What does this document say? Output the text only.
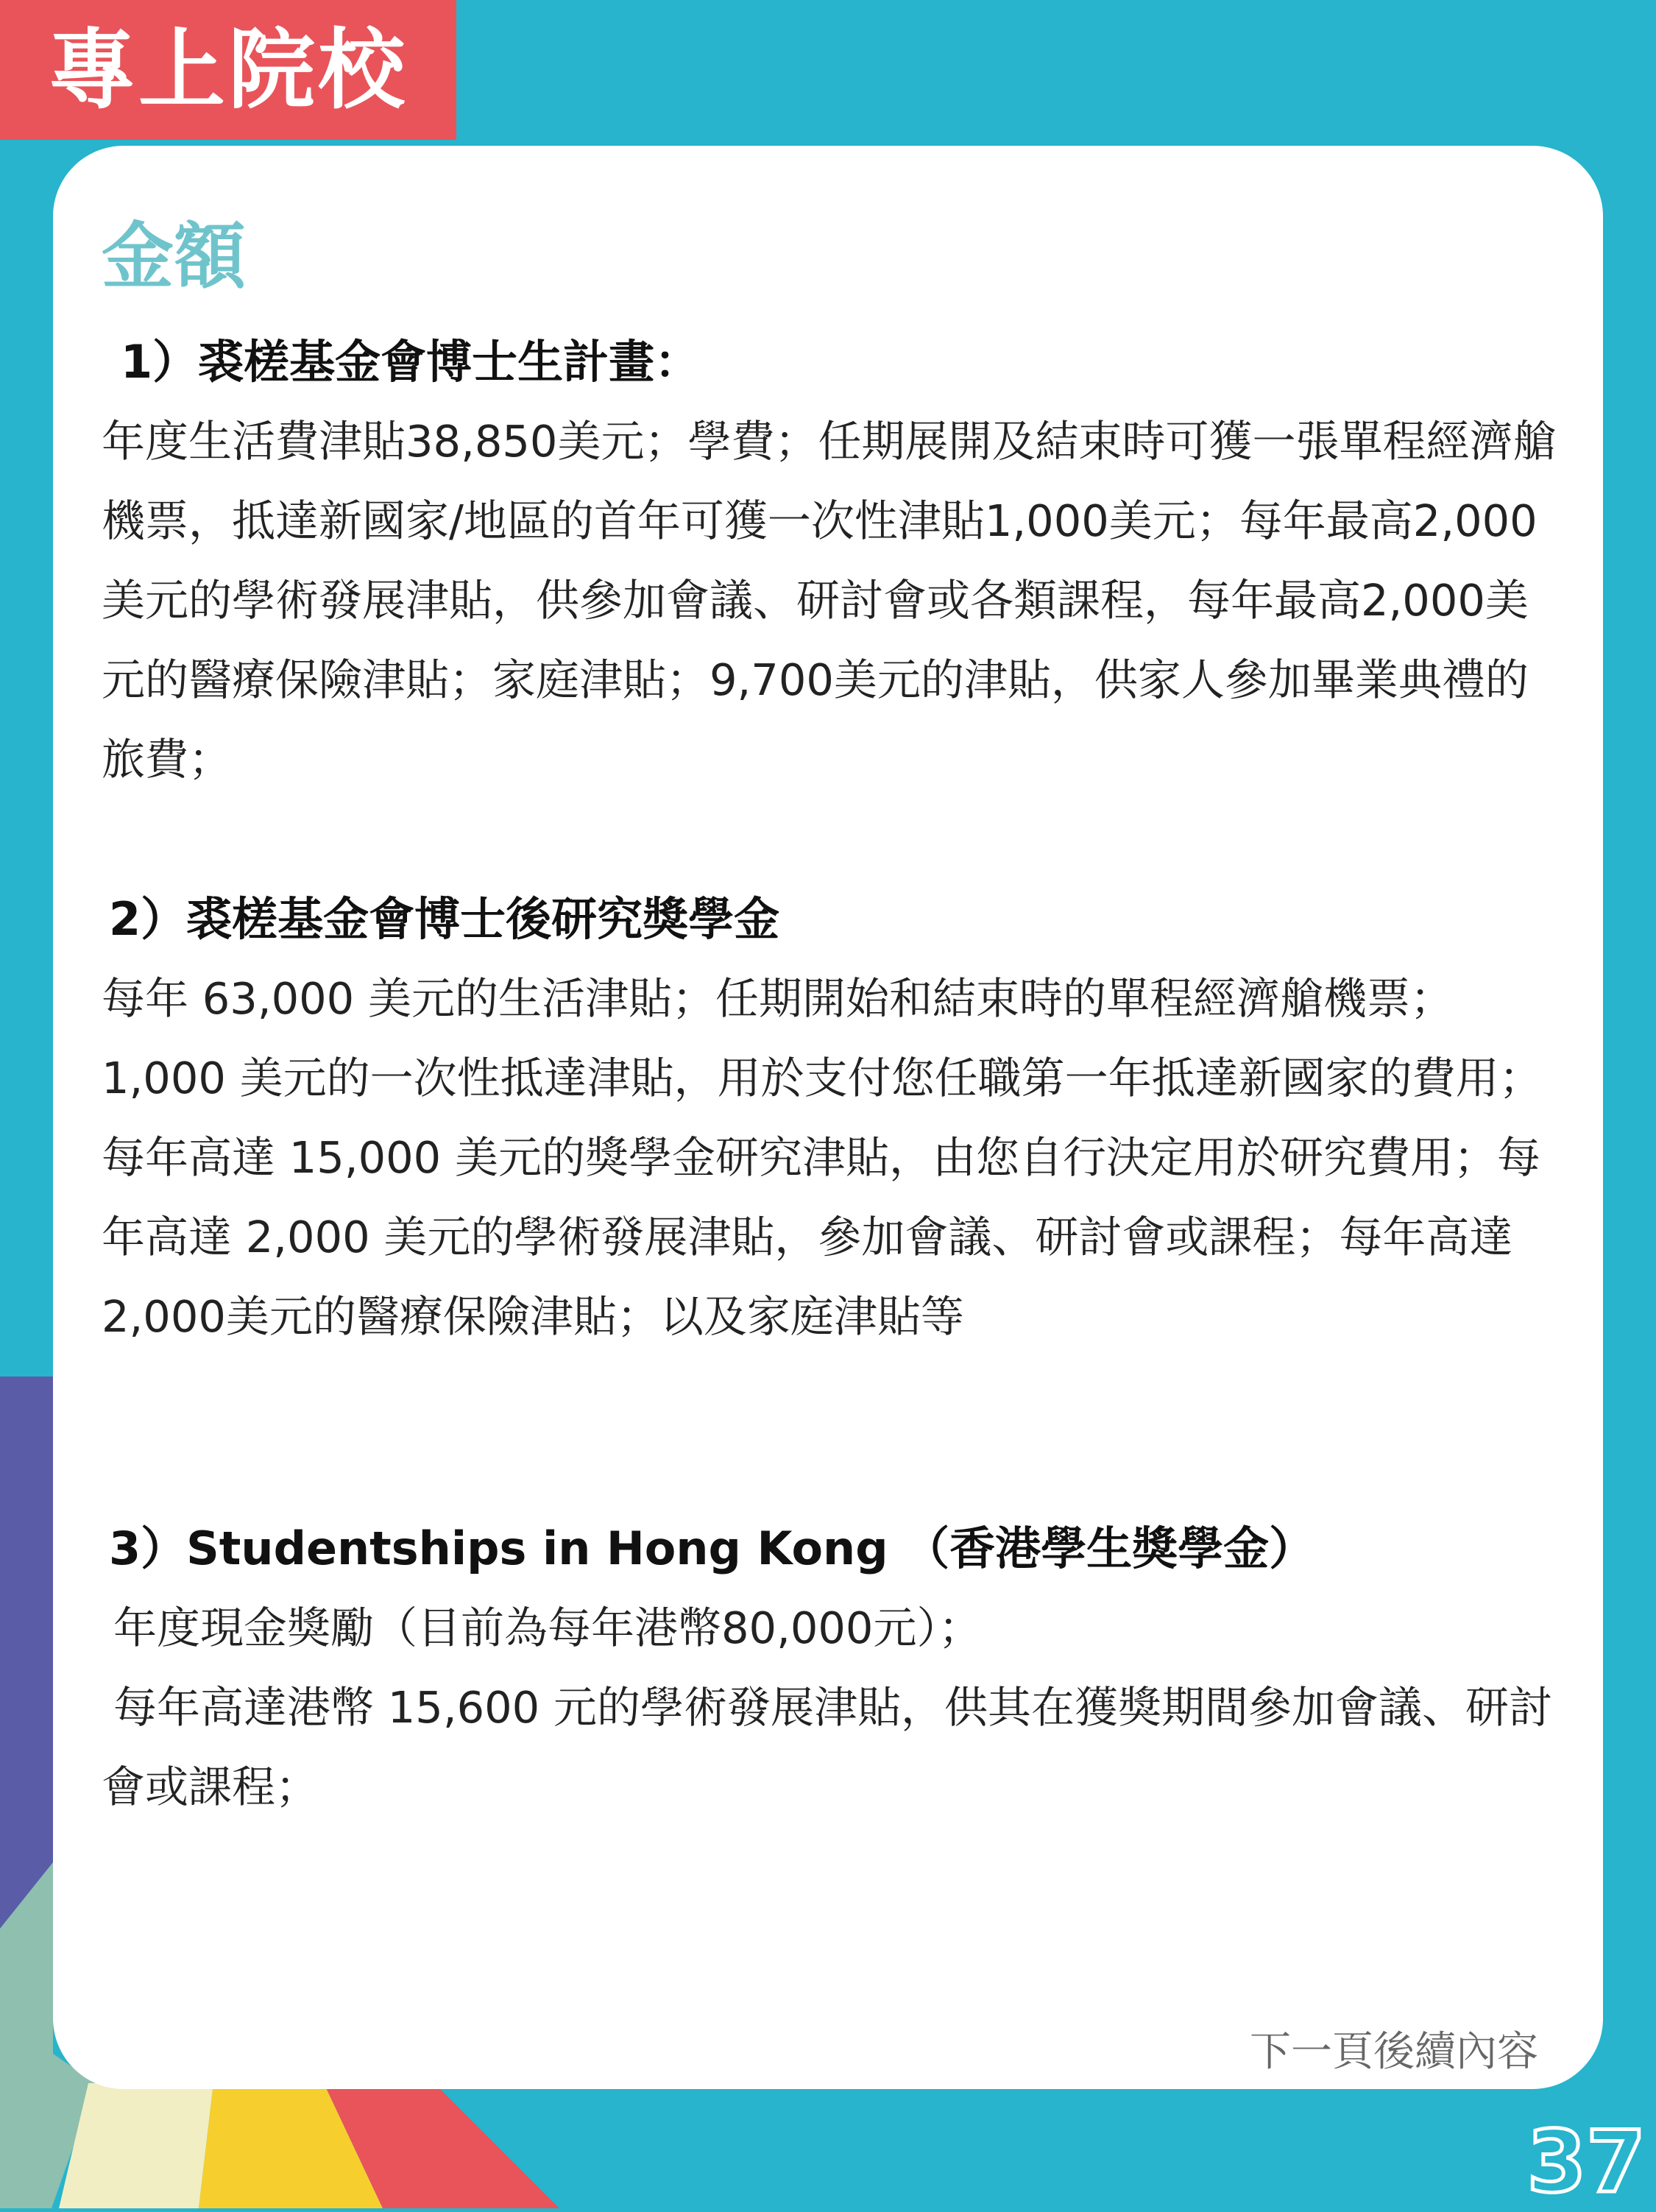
專上院校
金額

1）裘槎基金會博士生計畫：

年度生活費津貼38,850美元；學費；任期展開及結束時可獲一張單程經濟艙機票，抵達新國家/地區的首年可獲一次性津貼1,000美元；每年最高2,000美元的學術發展津貼，供參加會議、研討會或各類課程，每年最高2,000美元的醫療保險津貼；家庭津貼；9,700美元的津貼，供家人參加畢業典禮的旅費；

2）裘槎基金會博士後研究獎學金

每年 63,000 美元的生活津貼；任期開始和結束時的單程經濟艙機票；1,000 美元的一次性抵達津貼，用於支付您任職第一年抵達新國家的費用；每年高達 15,000 美元的獎學金研究津貼，由您自行決定用於研究費用；每年高達 2,000 美元的學術發展津貼，參加會議、研討會或課程；每年高達2,000美元的醫療保險津貼；以及家庭津貼等

3）Studentships in Hong Kong （香港學生獎學金）

年度現金獎勵（目前為每年港幣80,000元）；

每年高達港幣 15,600 元的學術發展津貼，供其在獲獎期間參加會議、研討會或課程；

下一頁後續內容

37
